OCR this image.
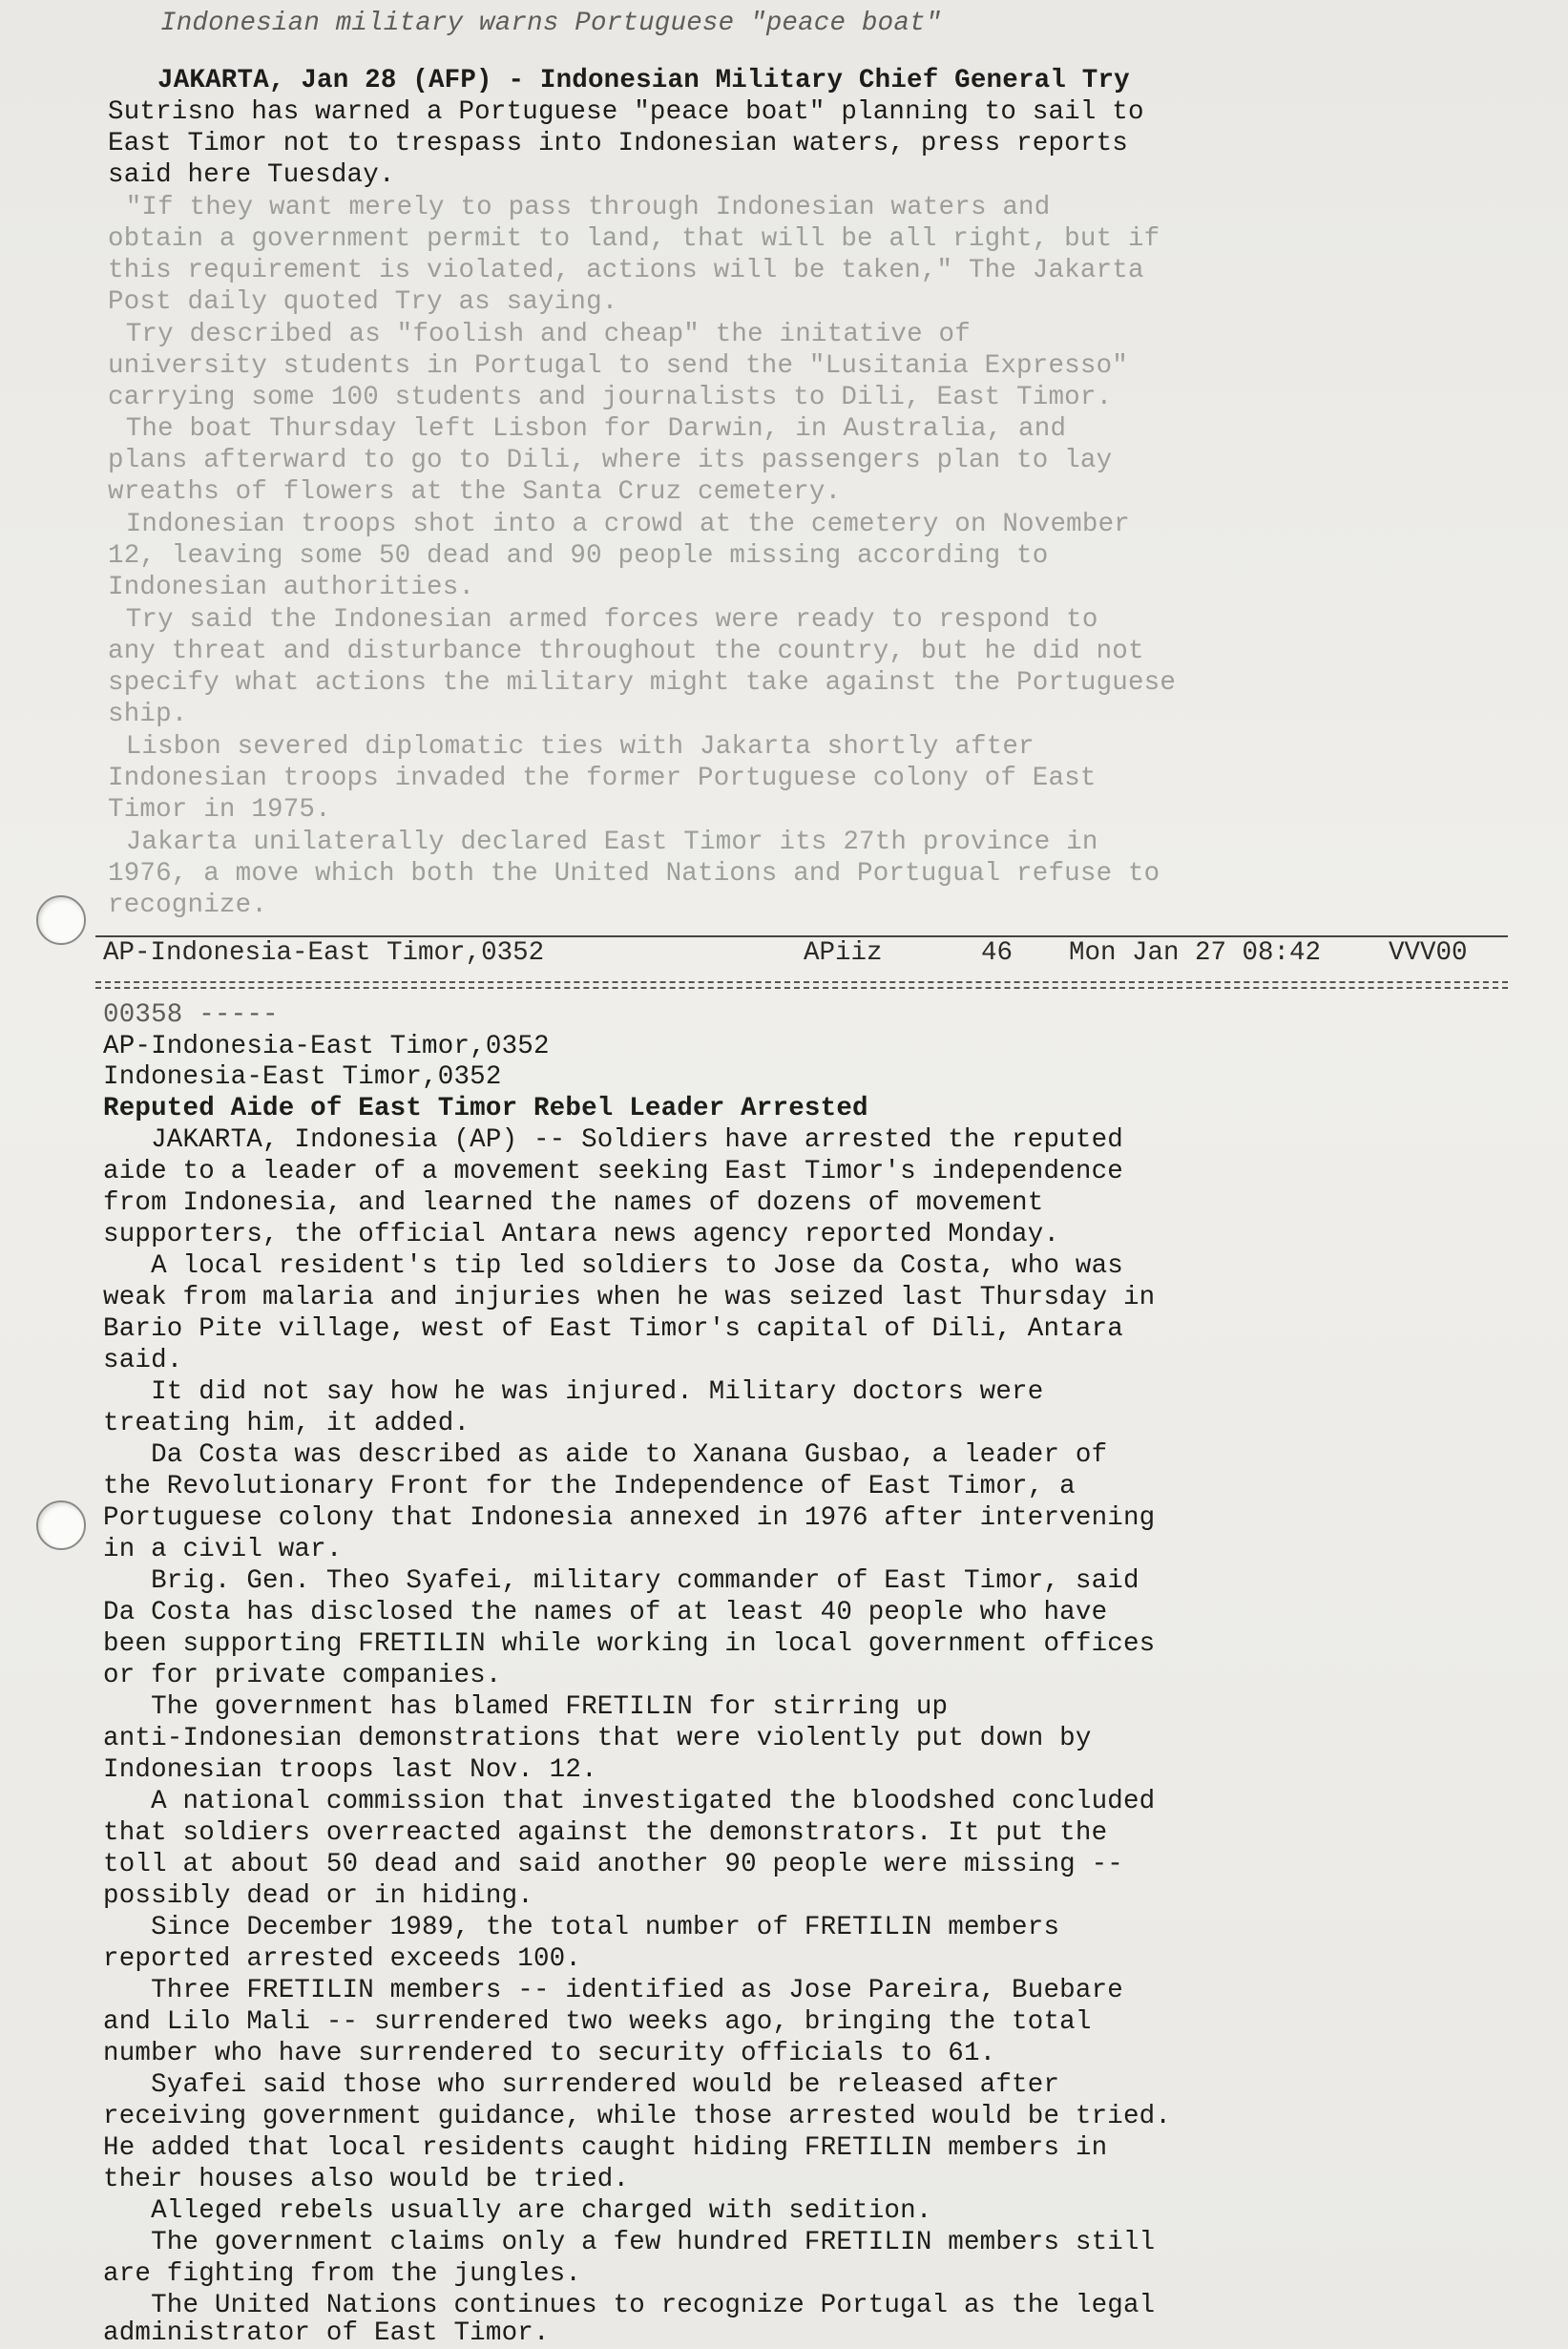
Indonesian military warns Portuguese "peace boat"
JAKARTA, Jan 28 (AFP) - Indonesian Military Chief General Try
Sutrisno has warned a Portuguese "peace boat" planning to sail to
East Timor not to trespass into Indonesian waters, press reports
said here Tuesday.
"If they want merely to pass through Indonesian waters and
obtain a government permit to land, that will be all right, but if
this requirement is violated, actions will be taken," The Jakarta
Post daily quoted Try as saying.
Try described as "foolish and cheap" the initative of
university students in Portugal to send the "Lusitania Expresso"
carrying some 100 students and journalists to Dili, East Timor.
The boat Thursday left Lisbon for Darwin, in Australia, and
plans afterward to go to Dili, where its passengers plan to lay
wreaths of flowers at the Santa Cruz cemetery.
Indonesian troops shot into a crowd at the cemetery on November
12, leaving some 50 dead and 90 people missing according to
Indonesian authorities.
Try said the Indonesian armed forces were ready to respond to
any threat and disturbance throughout the country, but he did not
specify what actions the military might take against the Portuguese
ship.
Lisbon severed diplomatic ties with Jakarta shortly after
Indonesian troops invaded the former Portuguese colony of East
Timor in 1975.
Jakarta unilaterally declared East Timor its 27th province in
1976, a move which both the United Nations and Portugual refuse to
recognize.
AP-Indonesia-East Timor,0352	APiiz	46 Mon Jan 27 08:42	VVV00
00358 -----
AP-Indonesia-East Timor,0352
Indonesia-East Timor,0352
Reputed Aide of East Timor Rebel Leader Arrested
JAKARTA, Indonesia (AP) -- Soldiers have arrested the reputed
aide to a leader of a movement seeking East Timor's independence
from Indonesia, and learned the names of dozens of movement
supporters, the official Antara news agency reported Monday.
A local resident's tip led soldiers to Jose da Costa, who was
weak from malaria and injuries when he was seized last Thursday in
Bario Pite village, west of East Timor's capital of Dili, Antara
said.
It did not say how he was injured. Military doctors were
treating him, it added.
Da Costa was described as aide to Xanana Gusbao, a leader of
the Revolutionary Front for the Independence of East Timor, a
Portuguese colony that Indonesia annexed in 1976 after intervening
in a civil war.
Brig. Gen. Theo Syafei, military commander of East Timor, said
Da Costa has disclosed the names of at least 40 people who have
been supporting FRETILIN while working in local government offices
or for private companies.
The government has blamed FRETILIN for stirring up
anti-Indonesian demonstrations that were violently put down by
Indonesian troops last Nov. 12.
A national commission that investigated the bloodshed concluded
that soldiers overreacted against the demonstrators. It put the
toll at about 50 dead and said another 90 people were missing --
possibly dead or in hiding.
Since December 1989, the total number of FRETILIN members
reported arrested exceeds 100.
Three FRETILIN members -- identified as Jose Pareira, Buebare
and Lilo Mali -- surrendered two weeks ago, bringing the total
number who have surrendered to security officials to 61.
Syafei said those who surrendered would be released after
receiving government guidance, while those arrested would be tried.
He added that local residents caught hiding FRETILIN members in
their houses also would be tried.
Alleged rebels usually are charged with sedition.
The government claims only a few hundred FRETILIN members still
are fighting from the jungles.
The United Nations continues to recognize Portugal as the legal
administrator of East Timor.
